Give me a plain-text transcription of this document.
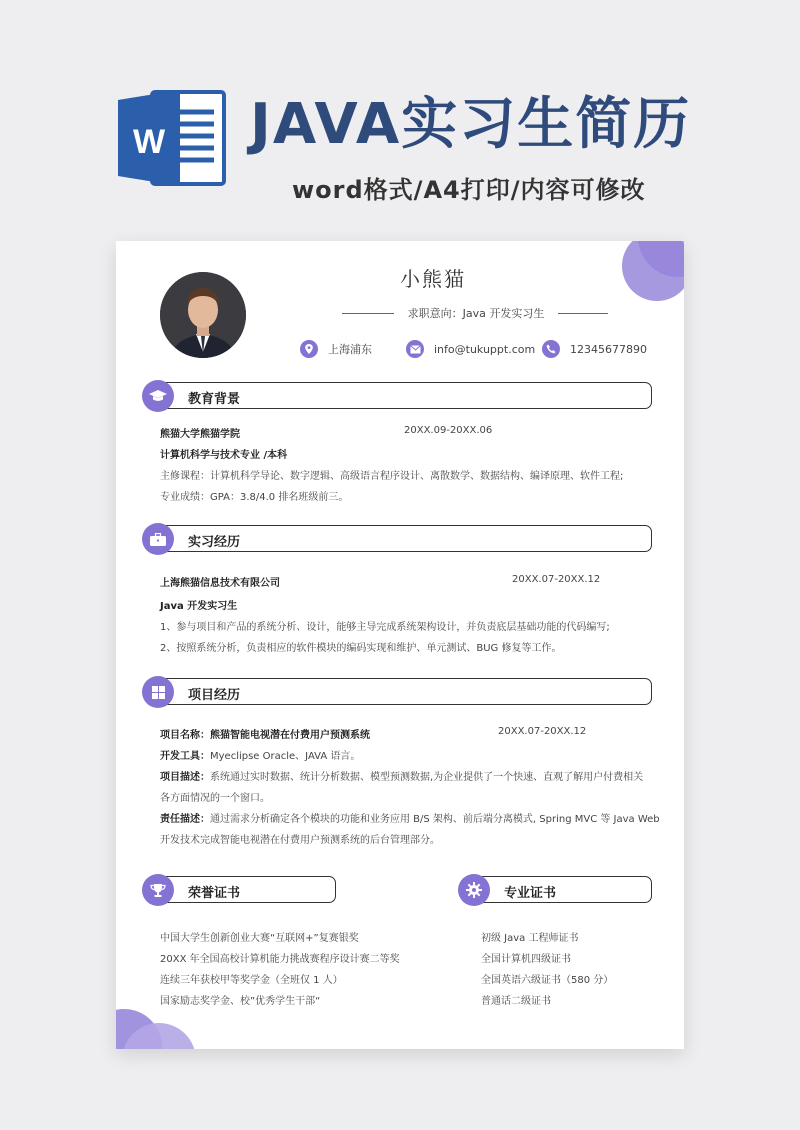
W JAVA实习生简历
word格式/A4打印/内容可修改
小熊猫
求职意向：Java 开发实习生
上海浦东	info@tukuppt.com	12345677890
教育背景
熊猫大学熊猫学院	20XX.09-20XX.06
计算机科学与技术专业 /本科
主修课程：计算机科学导论、数字逻辑、高级语言程序设计、离散数学、数据结构、编译原理、软件工程;
专业成绩：GPA：3.8/4.0 排名班级前三。
实习经历
上海熊猫信息技术有限公司	20XX.07-20XX.12
Java 开发实习生
1、参与项目和产品的系统分析、设计，能够主导完成系统架构设计，并负责底层基础功能的代码编写;
2、按照系统分析，负责相应的软件模块的编码实现和维护、单元测试、BUG 修复等工作。
项目经历
项目名称：熊猫智能电视潜在付费用户预测系统	20XX.07-20XX.12
开发工具：Myeclipse Oracle、JAVA 语言。
项目描述：系统通过实时数据、统计分析数据、模型预测数据,为企业提供了一个快速、直观了解用户付费相关
各方面情况的一个窗口。
责任描述：通过需求分析确定各个模块的功能和业务应用 B/S 架构、前后端分离模式, Spring MVC 等 Java Web
开发技术完成智能电视潜在付费用户预测系统的后台管理部分。
荣誉证书
中国大学生创新创业大赛“互联网+”复赛银奖
20XX 年全国高校计算机能力挑战赛程序设计赛二等奖
连续三年获校甲等奖学金（全班仅 1 人）
国家励志奖学金、校”优秀学生干部“
专业证书
初级 Java 工程师证书
全国计算机四级证书
全国英语六级证书（580 分）
普通话二级证书
